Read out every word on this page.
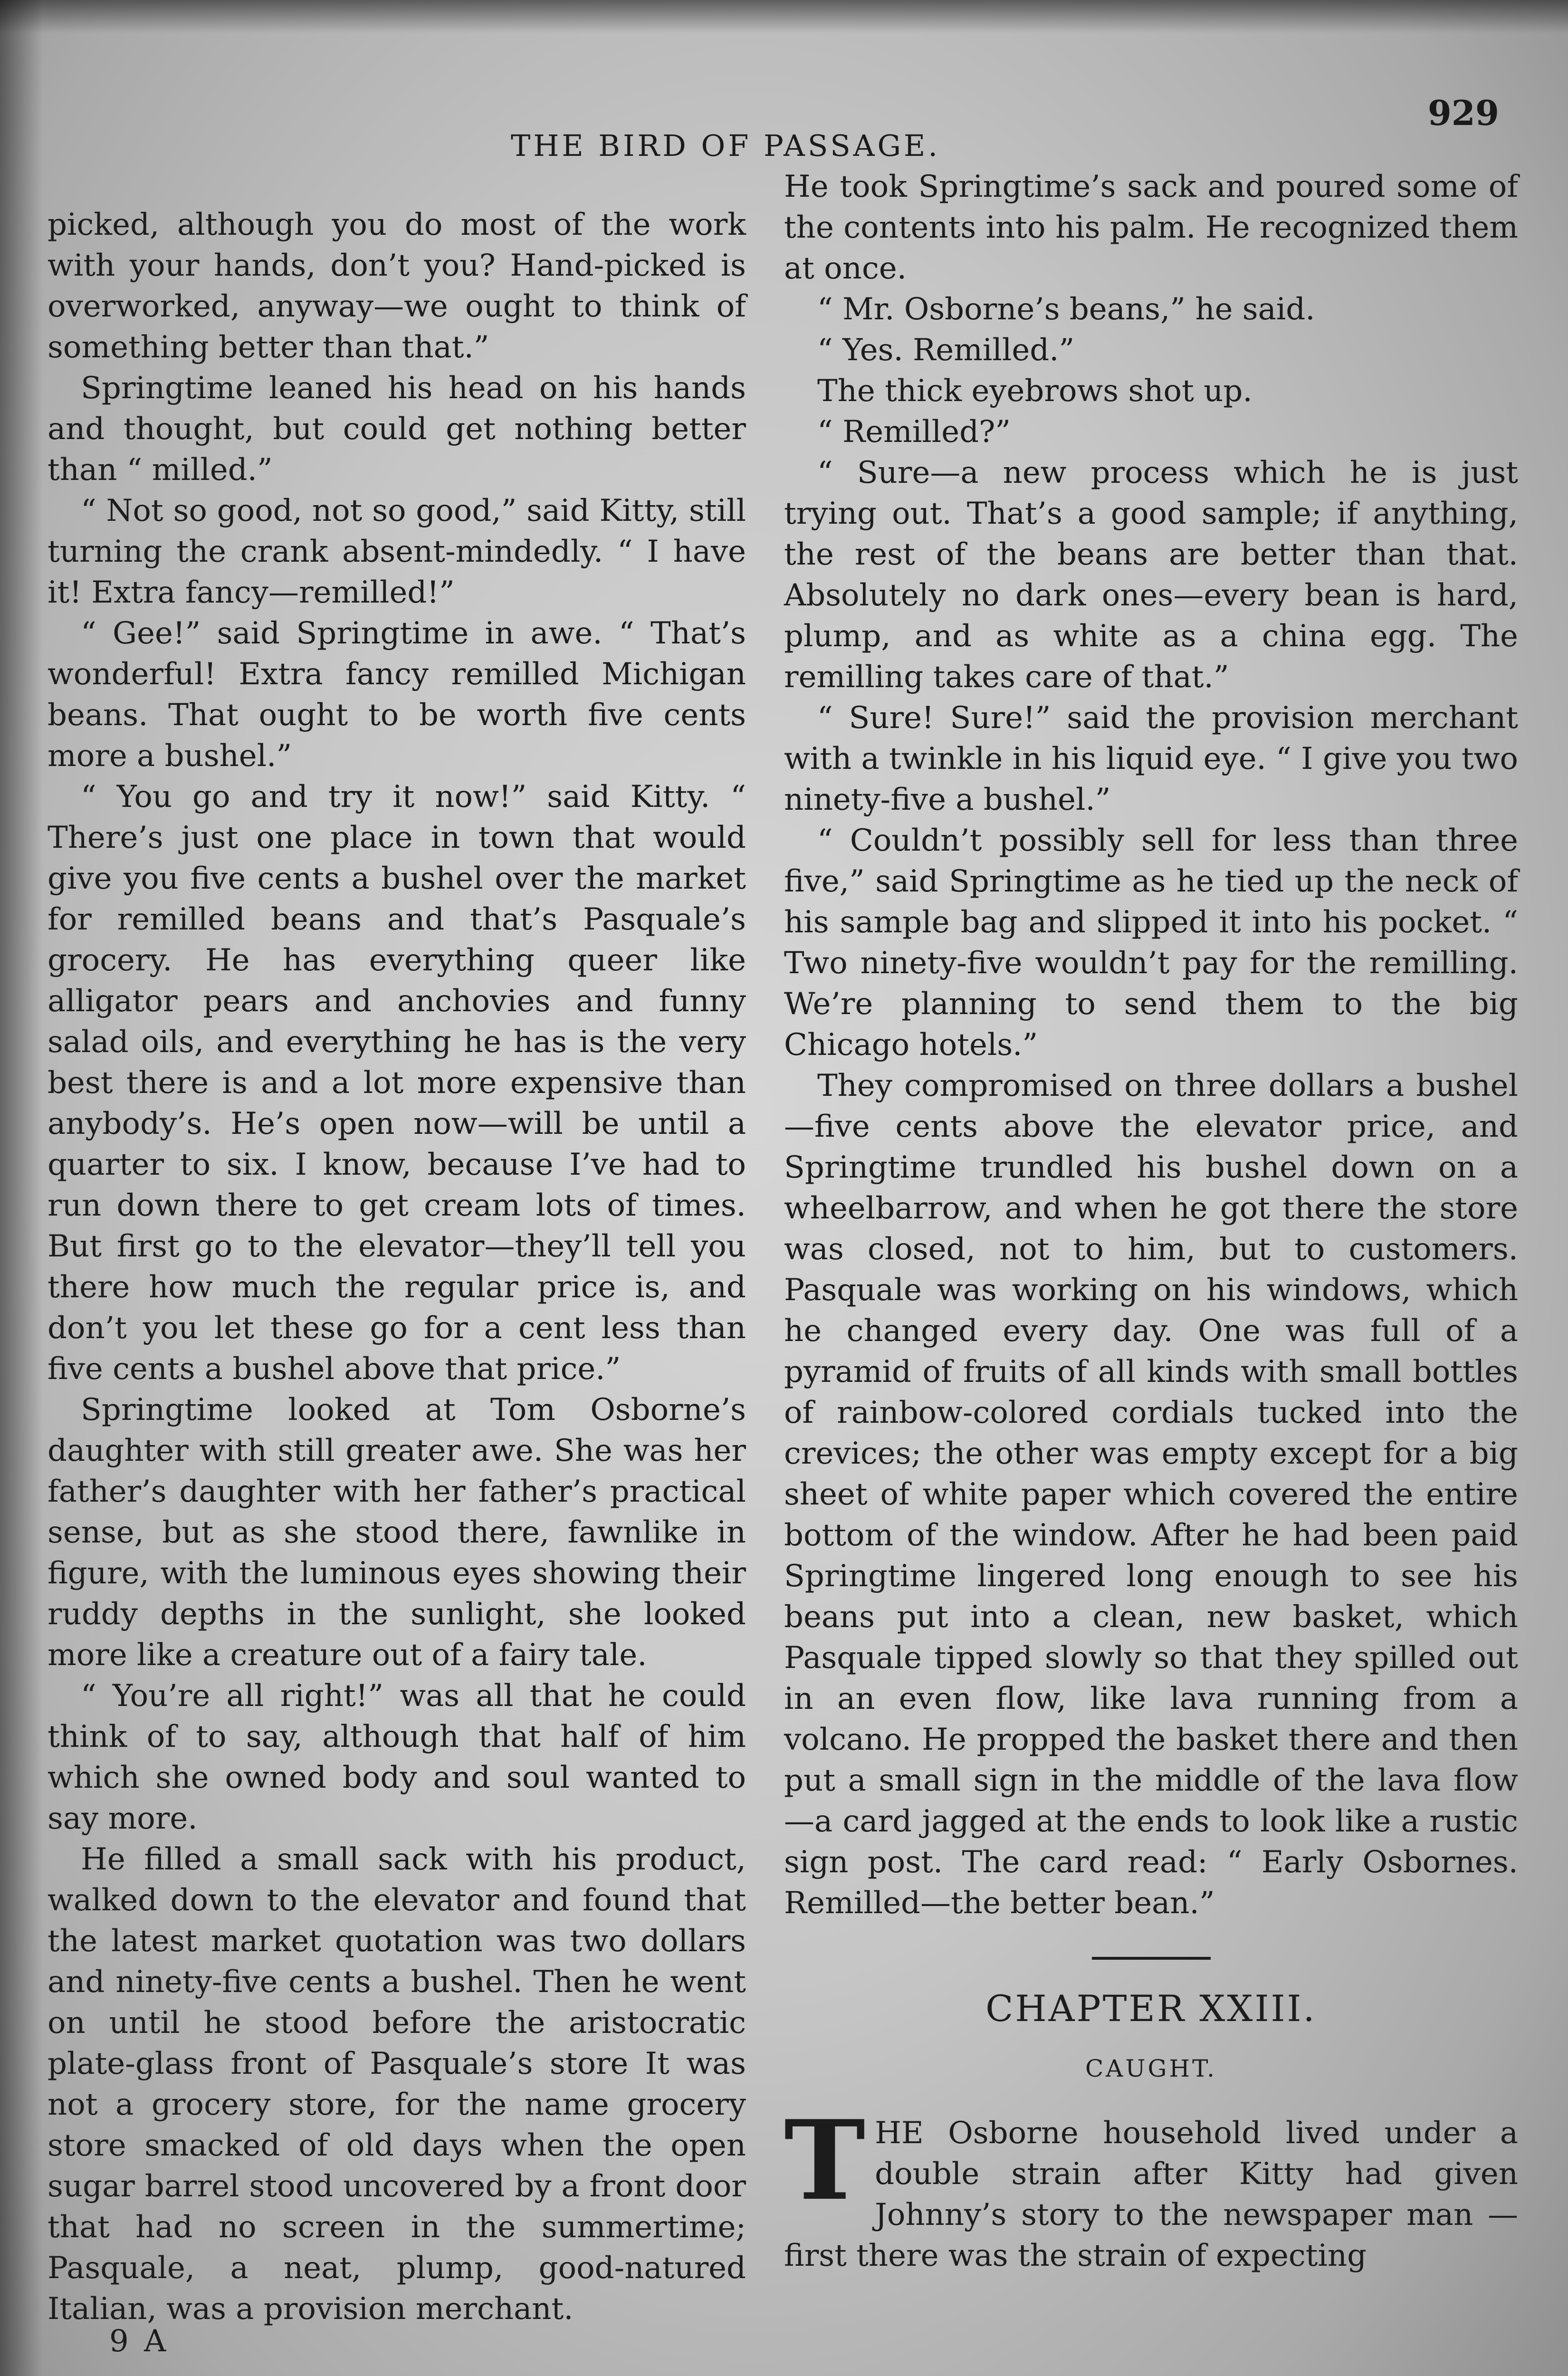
THE BIRD OF PASSAGE.
929

picked, although you do most of the work with your hands, don’t you? Hand-picked is overworked, anyway—we ought to think of something better than that.”

Springtime leaned his head on his hands and thought, but could get nothing better than “ milled.”

“ Not so good, not so good,” said Kitty, still turning the crank absent-mindedly. “ I have it! Extra fancy—remilled!”

“ Gee!” said Springtime in awe. “ That’s wonderful! Extra fancy remilled Michigan beans. That ought to be worth five cents more a bushel.”

“ You go and try it now!” said Kitty. “ There’s just one place in town that would give you five cents a bushel over the market for remilled beans and that’s Pasquale’s grocery. He has everything queer like alligator pears and anchovies and funny salad oils, and everything he has is the very best there is and a lot more expensive than anybody’s. He’s open now—will be until a quarter to six. I know, because I’ve had to run down there to get cream lots of times. But first go to the elevator—they’ll tell you there how much the regular price is, and don’t you let these go for a cent less than five cents a bushel above that price.”

Springtime looked at Tom Osborne’s daughter with still greater awe. She was her father’s daughter with her father’s practical sense, but as she stood there, fawnlike in figure, with the luminous eyes showing their ruddy depths in the sunlight, she looked more like a creature out of a fairy tale.

“ You’re all right!” was all that he could think of to say, although that half of him which she owned body and soul wanted to say more.

He filled a small sack with his product, walked down to the elevator and found that the latest market quotation was two dollars and ninety-five cents a bushel. Then he went on until he stood before the aristocratic plate-glass front of Pasquale’s store It was not a grocery store, for the name grocery store smacked of old days when the open sugar barrel stood uncovered by a front door that had no screen in the summertime; Pasquale, a neat, plump, good-natured Italian, was a provision merchant.

9 A

He took Springtime’s sack and poured some of the contents into his palm. He recognized them at once.

“ Mr. Osborne’s beans,” he said.

“ Yes. Remilled.”

The thick eyebrows shot up.

“ Remilled?”

“ Sure—a new process which he is just trying out. That’s a good sample; if anything, the rest of the beans are better than that. Absolutely no dark ones—every bean is hard, plump, and as white as a china egg. The remilling takes care of that.”

“ Sure! Sure!” said the provision merchant with a twinkle in his liquid eye. “ I give you two ninety-five a bushel.”

“ Couldn’t possibly sell for less than three five,” said Springtime as he tied up the neck of his sample bag and slipped it into his pocket. “ Two ninety-five wouldn’t pay for the remilling. We’re planning to send them to the big Chicago hotels.”

They compromised on three dollars a bushel—five cents above the elevator price, and Springtime trundled his bushel down on a wheelbarrow, and when he got there the store was closed, not to him, but to customers. Pasquale was working on his windows, which he changed every day. One was full of a pyramid of fruits of all kinds with small bottles of rainbow-colored cordials tucked into the crevices; the other was empty except for a big sheet of white paper which covered the entire bottom of the window. After he had been paid Springtime lingered long enough to see his beans put into a clean, new basket, which Pasquale tipped slowly so that they spilled out in an even flow, like lava running from a volcano. He propped the basket there and then put a small sign in the middle of the lava flow—a card jagged at the ends to look like a rustic sign post. The card read: “ Early Osbornes. Remilled—the better bean.”

CHAPTER XXIII.
CAUGHT.

T HE Osborne household lived under a double strain after Kitty had given Johnny’s story to the newspaper man —first there was the strain of expecting
